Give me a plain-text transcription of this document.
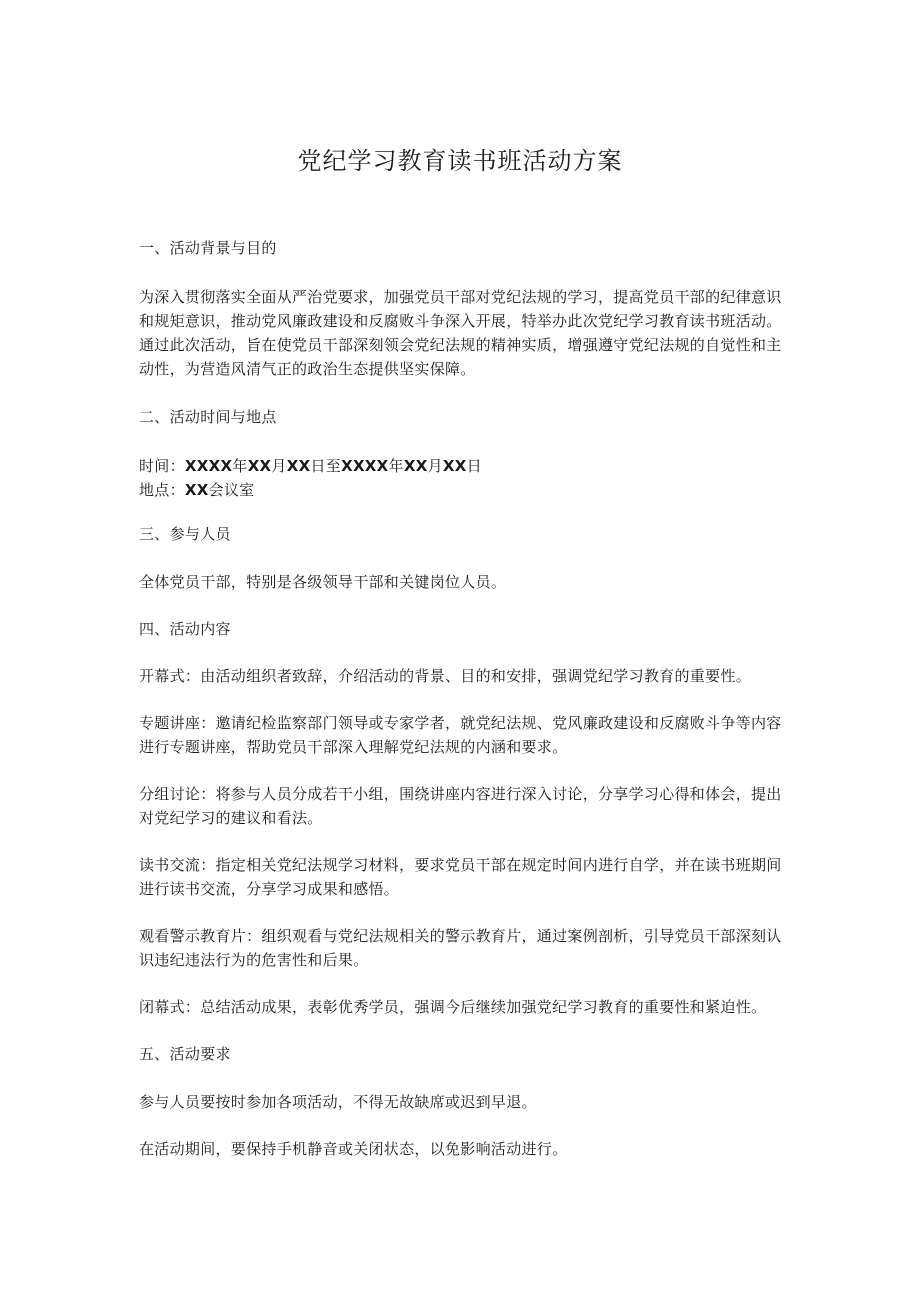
党纪学习教育读书班活动方案
一、活动背景与目的
为深入贯彻落实全面从严治党要求，加强党员干部对党纪法规的学习，提高党员干部的纪律意识
和规矩意识，推动党风廉政建设和反腐败斗争深入开展，特举办此次党纪学习教育读书班活动。
通过此次活动，旨在使党员干部深刻领会党纪法规的精神实质，增强遵守党纪法规的自觉性和主
动性，为营造风清气正的政治生态提供坚实保障。
二、活动时间与地点
时间：XXXX年XX月XX日至XXXX年XX月XX日
地点：XX会议室
三、参与人员
全体党员干部，特别是各级领导干部和关键岗位人员。
四、活动内容
开幕式：由活动组织者致辞，介绍活动的背景、目的和安排，强调党纪学习教育的重要性。
专题讲座：邀请纪检监察部门领导或专家学者，就党纪法规、党风廉政建设和反腐败斗争等内容
进行专题讲座，帮助党员干部深入理解党纪法规的内涵和要求。
分组讨论：将参与人员分成若干小组，围绕讲座内容进行深入讨论，分享学习心得和体会，提出
对党纪学习的建议和看法。
读书交流：指定相关党纪法规学习材料，要求党员干部在规定时间内进行自学，并在读书班期间
进行读书交流，分享学习成果和感悟。
观看警示教育片：组织观看与党纪法规相关的警示教育片，通过案例剖析，引导党员干部深刻认
识违纪违法行为的危害性和后果。
闭幕式：总结活动成果，表彰优秀学员，强调今后继续加强党纪学习教育的重要性和紧迫性。
五、活动要求
参与人员要按时参加各项活动，不得无故缺席或迟到早退。
在活动期间，要保持手机静音或关闭状态，以免影响活动进行。
